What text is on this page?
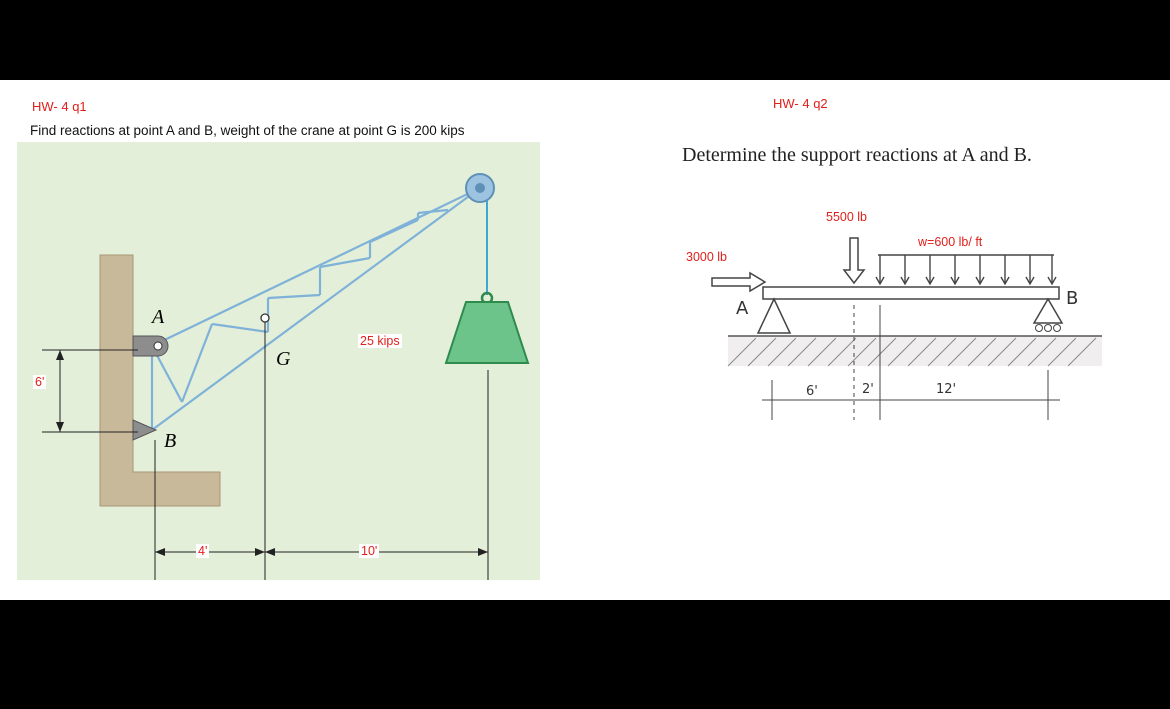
HW- 4 q1
Find reactions at point A and B, weight of the crane at point G is 200 kips
A
B
G
25 kips
6'
4'	10'
HW- 4 q2
Determine the support reactions at A and B.
3000 lb
5500 lb
w=600 lb/ ft
A	B
6'	2'	12'
